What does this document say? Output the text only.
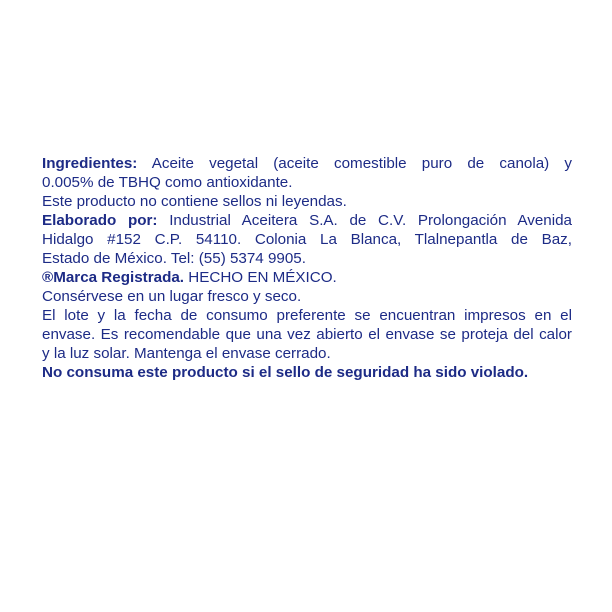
Ingredientes: Aceite vegetal (aceite comestible puro de canola) y
0.005% de TBHQ como antioxidante.
Este producto no contiene sellos ni leyendas.
Elaborado por: Industrial Aceitera S.A. de C.V. Prolongación Avenida
Hidalgo #152 C.P. 54110. Colonia La Blanca, Tlalnepantla de Baz,
Estado de México. Tel: (55) 5374 9905.
®Marca Registrada. HECHO EN MÉXICO.
Consérvese en un lugar fresco y seco.
El lote y la fecha de consumo preferente se encuentran impresos en el
envase. Es recomendable que una vez abierto el envase se proteja del calor
y la luz solar. Mantenga el envase cerrado.
No consuma este producto si el sello de seguridad ha sido violado.
